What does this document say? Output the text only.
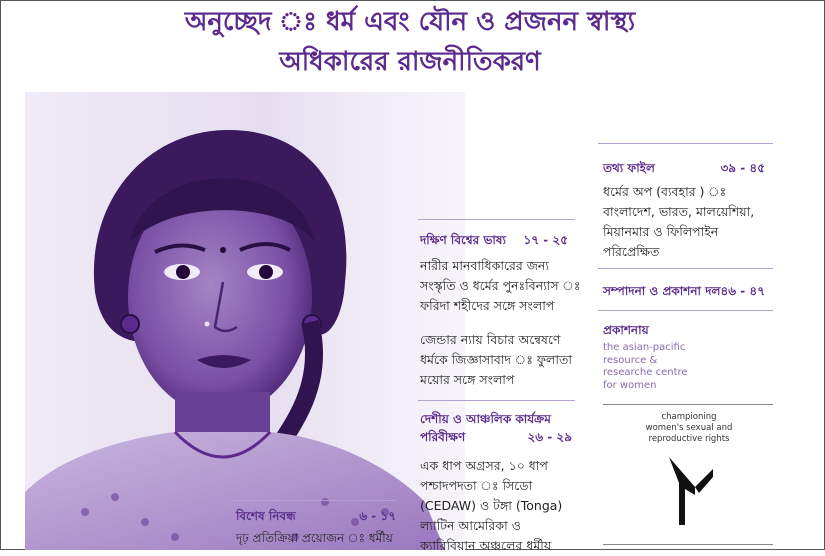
অনুচ্ছেদ ঃ ধর্ম এবং যৌন ও প্রজনন স্বাস্থ্য
অধিকারের রাজনীতিকরণ
বিশেষ নিবন্ধ	৬ - ১৭
দৃঢ় প্রতিক্রিয়া প্রয়োজন ঃ ধর্মীয়
দক্ষিণ বিশ্বের ভাষ্য ১৭ - ২৫
নারীর মানবাধিকারের জন্য
সংস্কৃতি ও ধর্মের পুনঃবিন্যাস ঃ
ফরিদা শহীদের সঙ্গে সংলাপ
জেন্ডার ন্যায় বিচার অন্বেষণে
ধর্মকে জিজ্ঞাসাবাদ ঃ ফুলাতা
ময়োর সঙ্গে সংলাপ
দেশীয় ও আঞ্চলিক কার্যক্রম
পরিবীক্ষণ	২৬ - ২৯
এক ধাপ অগ্রসর, ১০ ধাপ
পশ্চাদপদতা ঃ সিডো
(CEDAW) ও টঙ্গা (Tonga)
ল্যাটিন আমেরিকা ও
ক্যারিবিয়ান অঞ্চলের ধর্মীয়
তথ্য ফাইল	৩৯ - ৪৫
ধর্মের অপ (ব্যবহার ) ঃ
বাংলাদেশ, ভারত, মালয়েশিয়া,
মিয়ানমার ও ফিলিপাইন
পরিপ্রেক্ষিত
সম্পাদনা ও প্রকাশনা দল ৪৬ - ৪৭
প্রকাশনায়
the asian-pacific
resource &
researche centre
for women
championing
women's sexual and
reproductive rights
